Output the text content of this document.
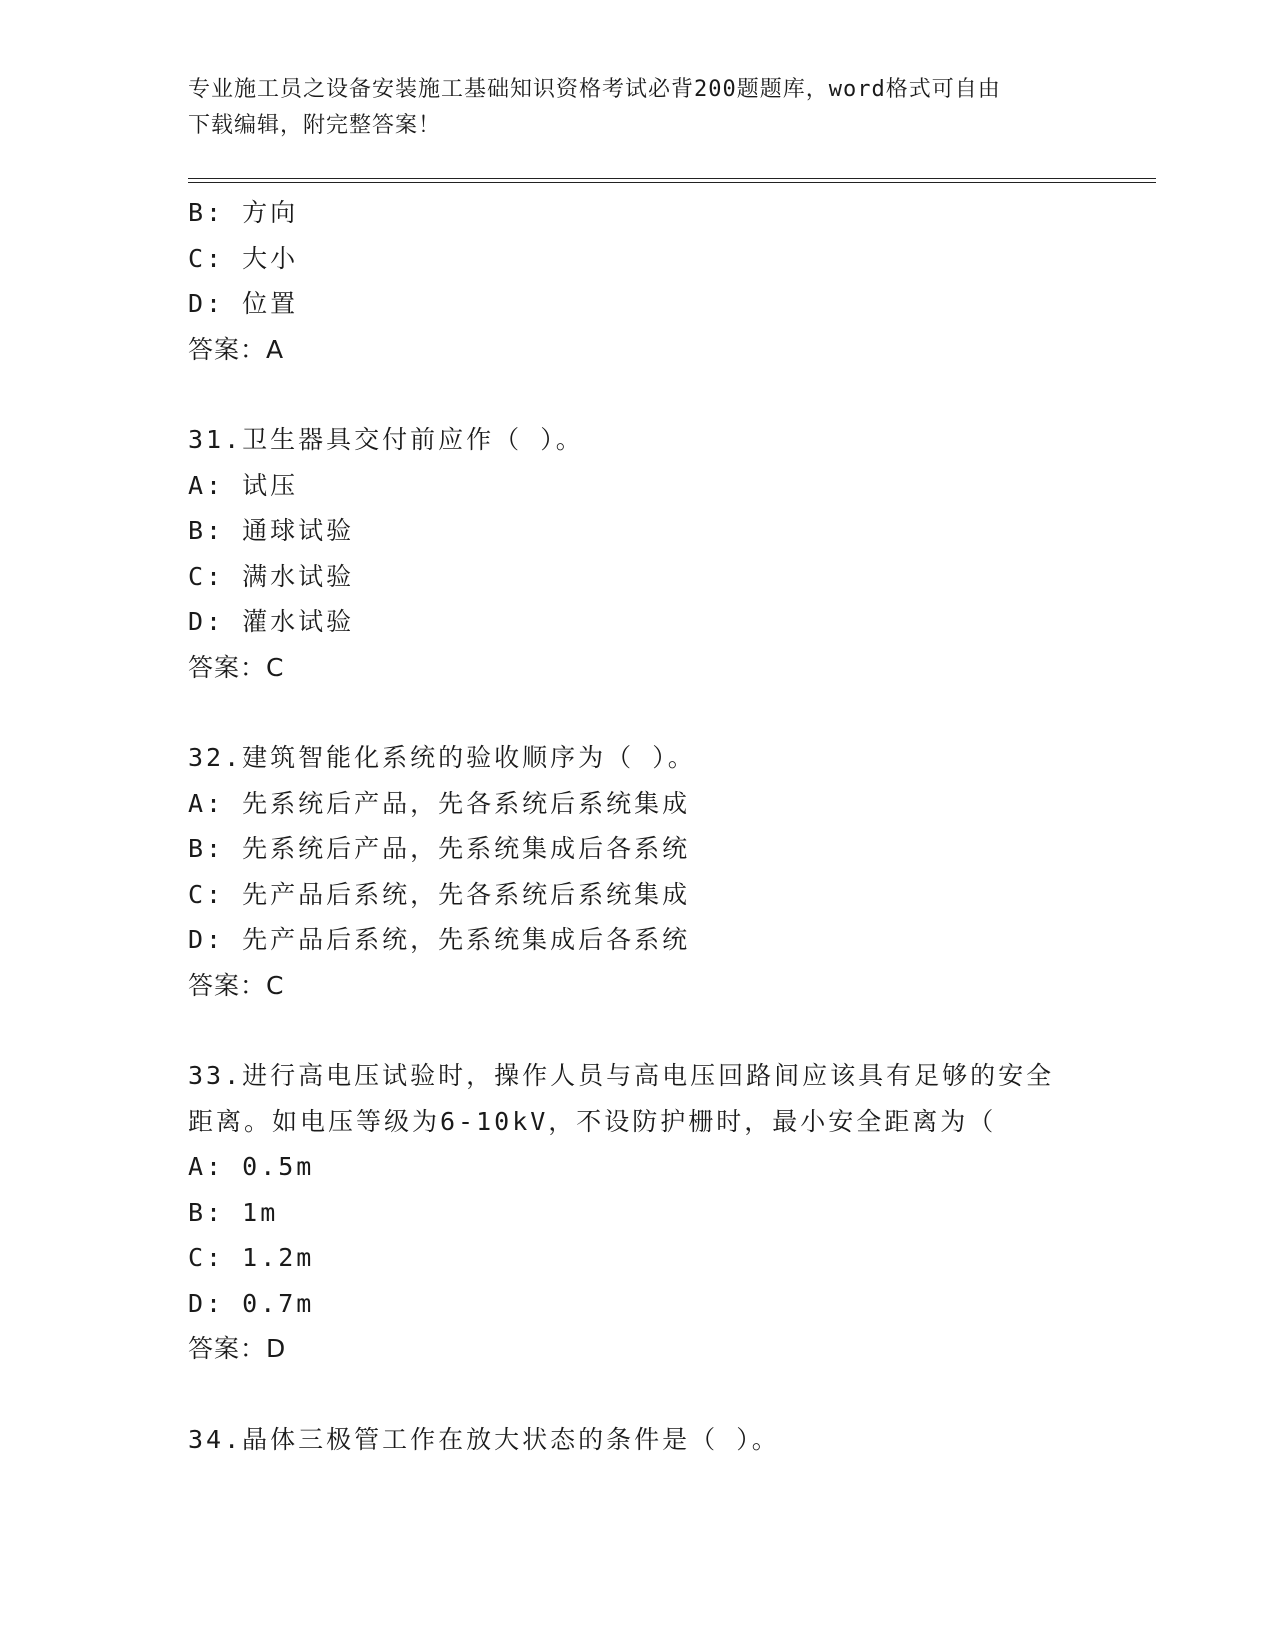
专业施工员之设备安装施工基础知识资格考试必背200题题库，word格式可自由
下载编辑，附完整答案！
B: 方向
C: 大小
D: 位置
答案：A
31.卫生器具交付前应作（ ）。
A: 试压
B: 通球试验
C: 满水试验
D: 灌水试验
答案：C
32.建筑智能化系统的验收顺序为（ ）。
A: 先系统后产品，先各系统后系统集成
B: 先系统后产品，先系统集成后各系统
C: 先产品后系统，先各系统后系统集成
D: 先产品后系统，先系统集成后各系统
答案：C
33.进行高电压试验时，操作人员与高电压回路间应该具有足够的安全
距离。如电压等级为6-10kV，不设防护栅时，最小安全距离为（
A: 0.5m
B: 1m
C: 1.2m
D: 0.7m
答案：D
34.晶体三极管工作在放大状态的条件是（ ）。
